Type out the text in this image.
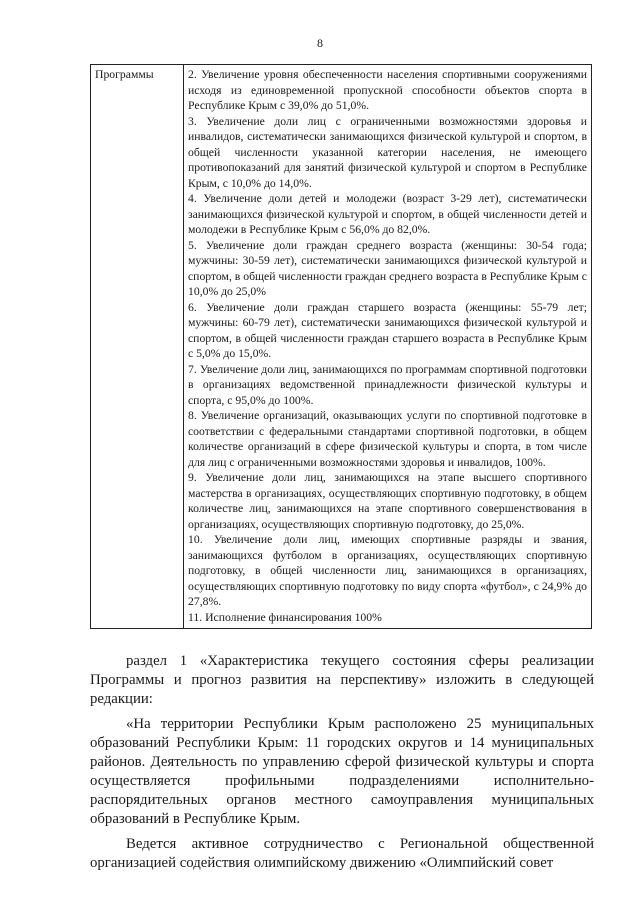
8
Программы	2. Увеличение уровня обеспеченности населения спортивными сооружениями исходя из единовременной пропускной способности объектов спорта в Республике Крым с 39,0% до 51,0%.
3. Увеличение доли лиц с ограниченными возможностями здоровья и инвалидов, систематически занимающихся физической культурой и спортом, в общей численности указанной категории населения, не имеющего противопоказаний для занятий физической культурой и спортом в Республике Крым, с 10,0% до 14,0%.
4. Увеличение доли детей и молодежи (возраст 3-29 лет), систематически занимающихся физической культурой и спортом, в общей численности детей и молодежи в Республике Крым с 56,0% до 82,0%.
5. Увеличение доли граждан среднего возраста (женщины: 30-54 года; мужчины: 30-59 лет), систематически занимающихся физической культурой и спортом, в общей численности граждан среднего возраста в Республике Крым с 10,0% до 25,0%
6. Увеличение доли граждан старшего возраста (женщины: 55-79 лет; мужчины: 60-79 лет), систематически занимающихся физической культурой и спортом, в общей численности граждан старшего возраста в Республике Крым с 5,0% до 15,0%.
7. Увеличение доли лиц, занимающихся по программам спортивной подготовки в организациях ведомственной принадлежности физической культуры и спорта, с 95,0% до 100%.
8. Увеличение организаций, оказывающих услуги по спортивной подготовке в соответствии с федеральными стандартами спортивной подготовки, в общем количестве организаций в сфере физической культуры и спорта, в том числе для лиц с ограниченными возможностями здоровья и инвалидов, 100%.
9. Увеличение доли лиц, занимающихся на этапе высшего спортивного мастерства в организациях, осуществляющих спортивную подготовку, в общем количестве лиц, занимающихся на этапе спортивного совершенствования в организациях, осуществляющих спортивную подготовку, до 25,0%.
10. Увеличение доли лиц, имеющих спортивные разряды и звания, занимающихся футболом в организациях, осуществляющих спортивную подготовку, в общей численности лиц, занимающихся в организациях, осуществляющих спортивную подготовку по виду спорта «футбол», с 24,9% до 27,8%.
11. Исполнение финансирования 100%

раздел 1 «Характеристика текущего состояния сферы реализации Программы и прогноз развития на перспективу» изложить в следующей редакции:

«На территории Республики Крым расположено 25 муниципальных образований Республики Крым: 11 городских округов и 14 муниципальных районов. Деятельность по управлению сферой физической культуры и спорта осуществляется профильными подразделениями исполнительно-распорядительных органов местного самоуправления муниципальных образований в Республике Крым.

Ведется активное сотрудничество с Региональной общественной организацией содействия олимпийскому движению «Олимпийский совет
